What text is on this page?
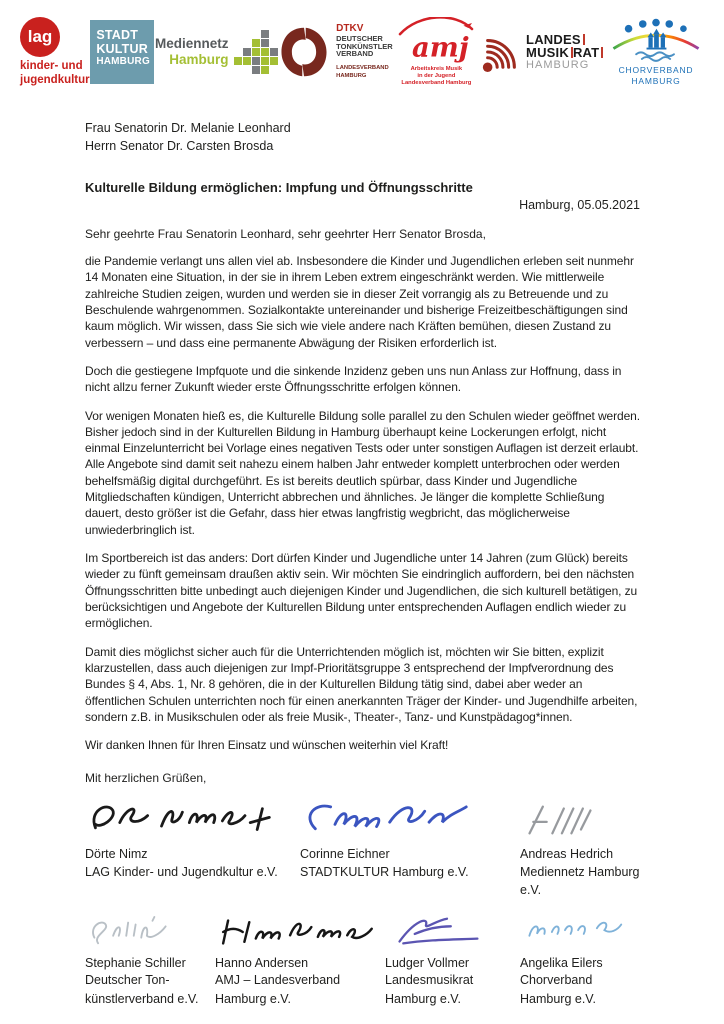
lag
kinder- und
jugendkultur
STADT
KULTUR
HAMBURG
Mediennetz
Hamburg
DTKV
DEUTSCHER
TONKÜNSTLER
VERBAND
LANDESVERBAND
HAMBURG
amj
Arbeitskreis Musik
in der Jugend
Landesverband Hamburg
LANDES
MUSIK RAT
HAMBURG	CHORVERBAND
HAMBURG
Frau Senatorin Dr. Melanie Leonhard
Herrn Senator Dr. Carsten Brosda
Kulturelle Bildung ermöglichen: Impfung und Öffnungsschritte
Hamburg, 05.05.2021
Sehr geehrte Frau Senatorin Leonhard, sehr geehrter Herr Senator Brosda,

die Pandemie verlangt uns allen viel ab. Insbesondere die Kinder und Jugendlichen erleben seit nunmehr 14 Monaten eine Situation, in der sie in ihrem Leben extrem eingeschränkt werden. Wie mittlerweile zahlreiche Studien zeigen, wurden und werden sie in dieser Zeit vorrangig als zu Betreuende und zu Beschulende wahrgenommen. Sozialkontakte untereinander und bisherige Freizeitbeschäftigungen sind kaum möglich. Wir wissen, dass Sie sich wie viele andere nach Kräften bemühen, diesen Zustand zu verbessern – und dass eine permanente Abwägung der Risiken erforderlich ist.

Doch die gestiegene Impfquote und die sinkende Inzidenz geben uns nun Anlass zur Hoffnung, dass in nicht allzu ferner Zukunft wieder erste Öffnungsschritte erfolgen können.

Vor wenigen Monaten hieß es, die Kulturelle Bildung solle parallel zu den Schulen wieder geöffnet werden. Bisher jedoch sind in der Kulturellen Bildung in Hamburg überhaupt keine Lockerungen erfolgt, nicht einmal Einzelunterricht bei Vorlage eines negativen Tests oder unter sonstigen Auflagen ist derzeit erlaubt. Alle Angebote sind damit seit nahezu einem halben Jahr entweder komplett unterbrochen oder werden behelfsmäßig digital durchgeführt. Es ist bereits deutlich spürbar, dass Kinder und Jugendliche Mitgliedschaften kündigen, Unterricht abbrechen und ähnliches. Je länger die komplette Schließung dauert, desto größer ist die Gefahr, dass hier etwas langfristig wegbricht, das möglicherweise unwiederbringlich ist.

Im Sportbereich ist das anders: Dort dürfen Kinder und Jugendliche unter 14 Jahren (zum Glück) bereits wieder zu fünft gemeinsam draußen aktiv sein. Wir möchten Sie eindringlich auffordern, bei den nächsten Öffnungsschritten bitte unbedingt auch diejenigen Kinder und Jugendlichen, die sich kulturell betätigen, zu berücksichtigen und Angebote der Kulturellen Bildung unter entsprechenden Auflagen endlich wieder zu ermöglichen.

Damit dies möglichst sicher auch für die Unterrichtenden möglich ist, möchten wir Sie bitten, explizit klarzustellen, dass auch diejenigen zur Impf-Prioritätsgruppe 3 entsprechend der Impfverordnung des Bundes § 4, Abs. 1, Nr. 8 gehören, die in der Kulturellen Bildung tätig sind, dabei aber weder an öffentlichen Schulen unterrichten noch für einen anerkannten Träger der Kinder- und Jugendhilfe arbeiten, sondern z.B. in Musikschulen oder als freie Musik-, Theater-, Tanz- und Kunstpädagog*innen.

Wir danken Ihnen für Ihren Einsatz und wünschen weiterhin viel Kraft!

Mit herzlichen Grüßen,
Dörte Nimz
LAG Kinder- und Jugendkultur e.V.
Corinne Eichner
STADTKULTUR Hamburg e.V.
Andreas Hedrich
Mediennetz Hamburg e.V.
Stephanie Schiller
Deutscher Ton-
künstlerverband e.V.
Hanno Andersen
AMJ – Landesverband
Hamburg e.V.
Ludger Vollmer
Landesmusikrat
Hamburg e.V.
Angelika Eilers
Chorverband Hamburg e.V.
